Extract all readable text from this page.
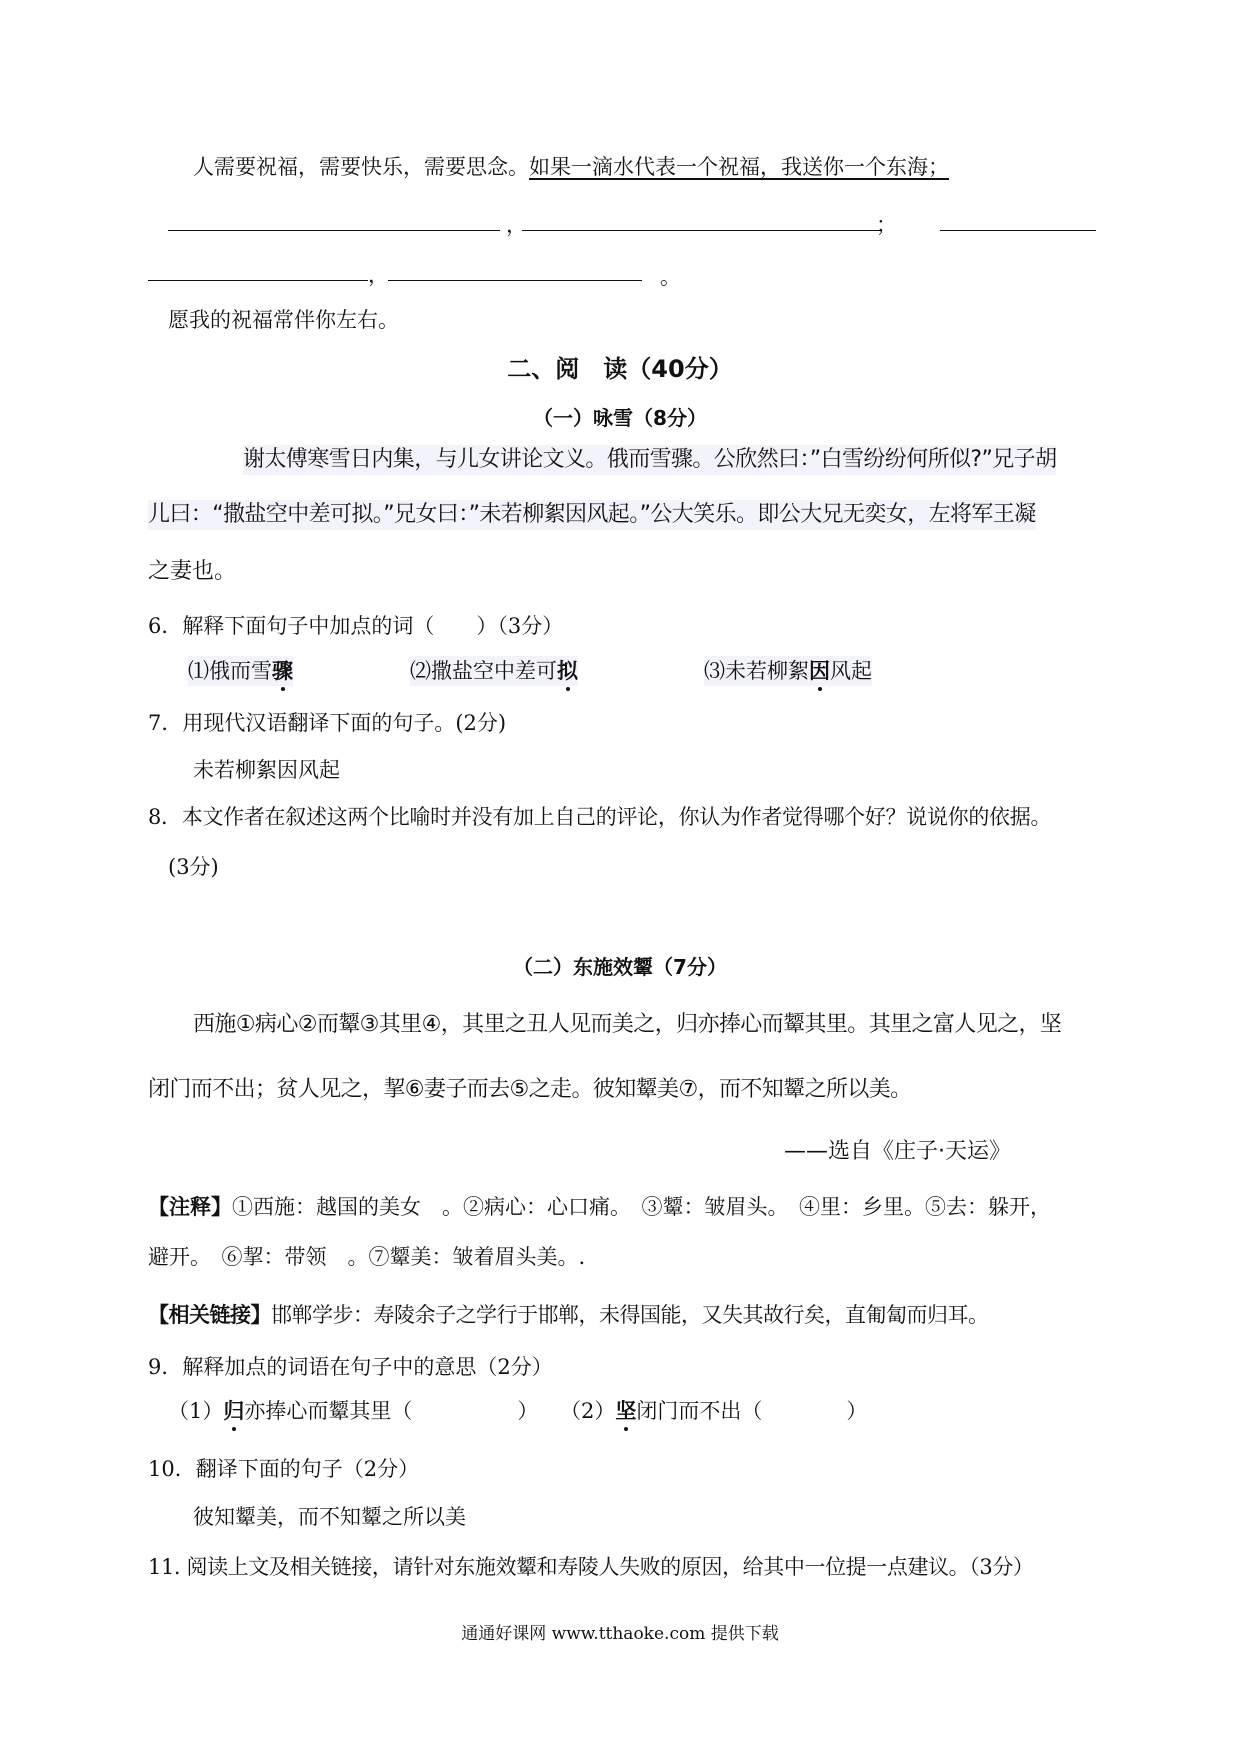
人需要祝福，需要快乐，需要思念。如果一滴水代表一个祝福，我送你一个东海；
，	；
，	。
愿我的祝福常伴你左右。
二、阅　读（40分）
（一）咏雪（8分）
谢太傅寒雪日内集，与儿女讲论文义。俄而雪骤。公欣然曰：”白雪纷纷何所似?”兄子胡
儿曰：“撒盐空中差可拟。”兄女曰：”未若柳絮因风起。”公大笑乐。即公大兄无奕女，左将军王凝
之妻也。
6．解释下面句子中加点的词（　　）（3分）
⑴俄而雪骤	⑵撒盐空中差可拟	⑶未若柳絮因风起
7．用现代汉语翻译下面的句子。(2分)
未若柳絮因风起
8．本文作者在叙述这两个比喻时并没有加上自己的评论，你认为作者觉得哪个好？说说你的依据。
(3分)
（二）东施效颦（7分）
西施①病心②而颦③其里④，其里之丑人见而美之，归亦捧心而颦其里。其里之富人见之，坚
闭门而不出；贫人见之，挈⑥妻子而去⑤之走。彼知颦美⑦，而不知颦之所以美。
——选自《庄子·天运》
【注释】①西施：越国的美女　。②病心：心口痛。　③颦：皱眉头。　④里：乡里。⑤去：躲开，
避开。　⑥挈：带领　。⑦颦美：皱着眉头美。.
【相关链接】邯郸学步：寿陵余子之学行于邯郸，未得国能，又失其故行矣，直匍匐而归耳。
9．解释加点的词语在句子中的意思（2分）
（1）归亦捧心而颦其里（　　　　　） （2）坚闭门而不出（　　　　）
10．翻译下面的句子（2分）
彼知颦美，而不知颦之所以美
11. 阅读上文及相关链接，请针对东施效颦和寿陵人失败的原因，给其中一位提一点建议。（3分）
通通好课网 www.tthaoke.com 提供下载
